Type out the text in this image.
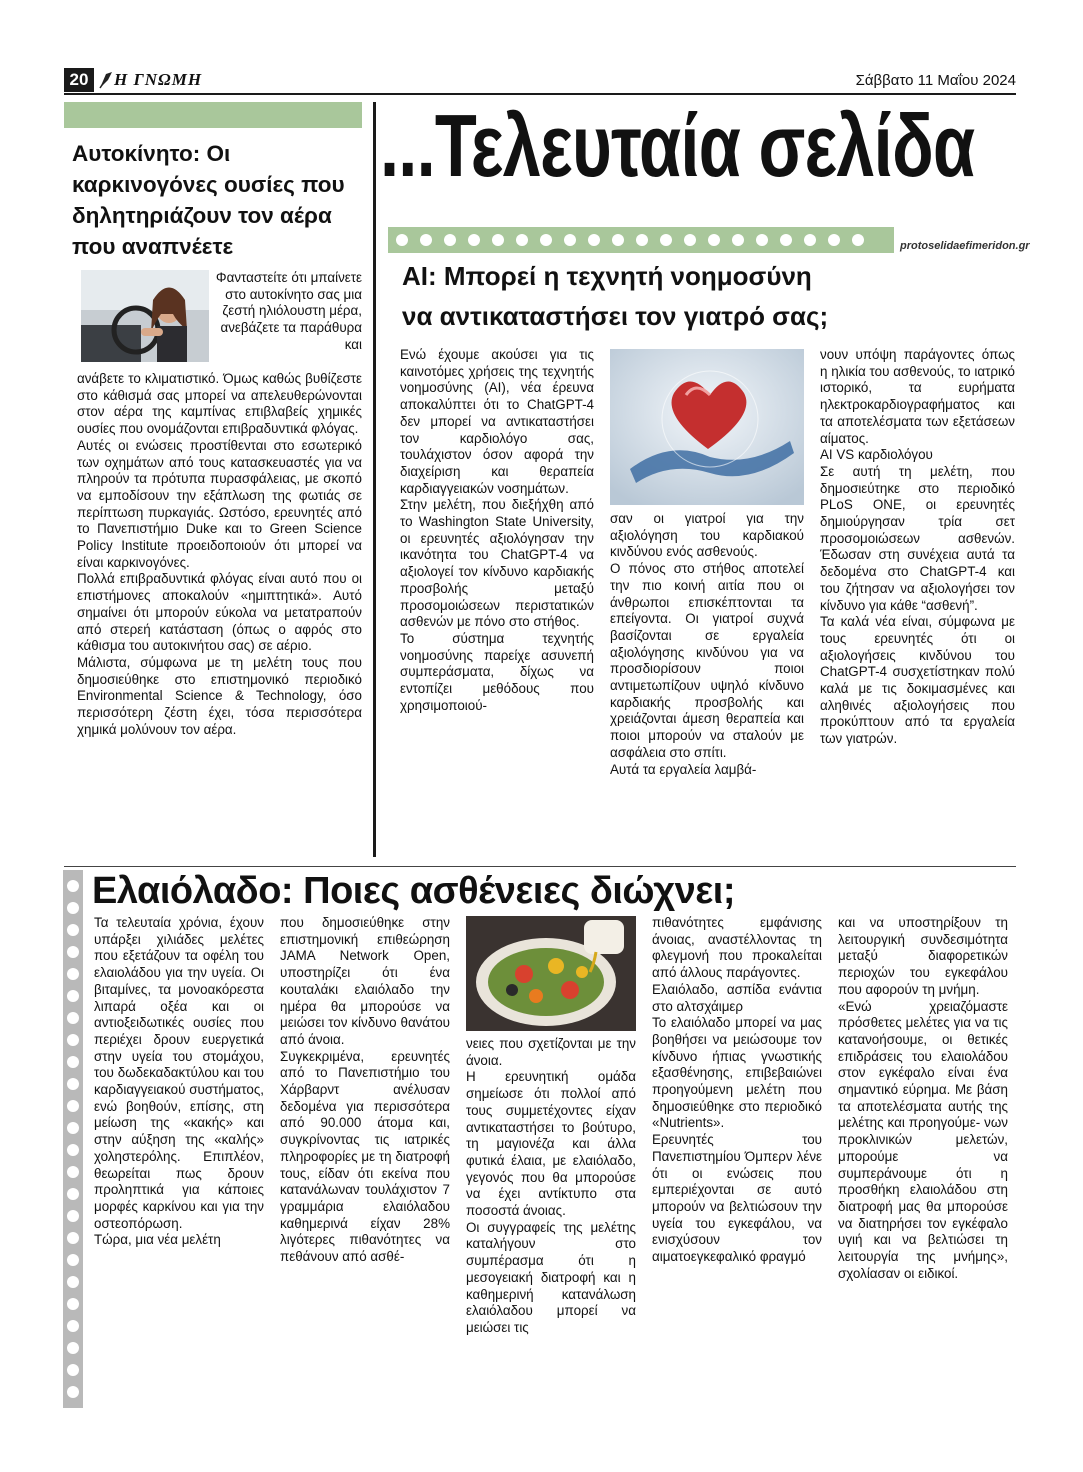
20	Η ΓΝΩΜΗ	Σάββατο 11 Μαΐου 2024
Αυτοκίνητο: Οι καρκινογόνες ουσίες που δηλητηριάζουν τον αέρα που αναπνέετε
Φανταστείτε ότι μπαίνετε στο αυτοκίνητο σας μια ζεστή ηλιόλουστη μέρα, ανεβάζετε τα παράθυρα και

ανάβετε το κλιματιστικό. Όμως καθώς βυθίζεστε στο κάθισμά σας μπορεί να απελευθερώνονται στον αέρα της καμπίνας επιβλαβείς χημικές ουσίες που ονομάζονται επιβραδυντικά φλόγας.

Αυτές οι ενώσεις προστίθενται στο εσωτερικό των οχημάτων από τους κατασκευαστές για να πληρούν τα πρότυπα πυρασφάλειας, με σκοπό να εμποδίσουν την εξάπλωση της φωτιάς σε περίπτωση πυρκαγιάς. Ωστόσο, ερευνητές από το Πανεπιστήμιο Duke και το Green Science Policy Institute προειδοποιούν ότι μπορεί να είναι καρκινογόνες.

Πολλά επιβραδυντικά φλόγας είναι αυτό που οι επιστήμονες αποκαλούν «ημιπτητικά». Αυτό σημαίνει ότι μπορούν εύκολα να μετατραπούν από στερεή κατάσταση (όπως ο αφρός στο κάθισμα του αυτοκινήτου σας) σε αέριο.

Μάλιστα, σύμφωνα με τη μελέτη τους που δημοσιεύθηκε στο επιστημονικό περιοδικό Environmental Science & Technology, όσο περισσότερη ζέστη έχει, τόσα περισσότερα χημικά μολύνουν τον αέρα.

...Τελευταία σελίδα
protoselidaefimeridon.gr
AI: Μπορεί η τεχνητή νοημοσύνη
να αντικαταστήσει τον γιατρό σας;

Ενώ έχουμε ακούσει για τις καινοτόμες χρήσεις της τεχνητής νοημοσύνης (AI), νέα έρευνα αποκαλύπτει ότι το ChatGPT-4 δεν μπορεί να αντικαταστήσει τον καρδιολόγο σας, τουλάχιστον όσον αφορά την διαχείριση και θεραπεία καρδιαγγειακών νοσημάτων.

Στην μελέτη, που διεξήχθη από το Washington State University, οι ερευνητές αξιολόγησαν την ικανότητα του ChatGPT-4 να αξιολογεί τον κίνδυνο καρδιακής προσβολής μεταξύ προσομοιώσεων περιστατικών ασθενών με πόνο στο στήθος.

Το σύστημα τεχνητής νοημοσύνης παρείχε ασυνεπή συμπεράσματα, δίχως να εντοπίζει μεθόδους που χρησιμοποιού-

σαν οι γιατροί για την αξιολόγηση του καρδιακού κινδύνου ενός ασθενούς.

Ο πόνος στο στήθος αποτελεί την πιο κοινή αιτία που οι άνθρωποι επισκέπτονται τα επείγοντα. Οι γιατροί συχνά βασίζονται σε εργαλεία αξιολόγησης κινδύνου για να προσδιορίσουν ποιοι αντιμετωπίζουν υψηλό κίνδυνο καρδιακής προσβολής και χρειάζονται άμεση θεραπεία και ποιοι μπορούν να σταλούν με ασφάλεια στο σπίτι.

Αυτά τα εργαλεία λαμβά-

νουν υπόψη παράγοντες όπως η ηλικία του ασθενούς, το ιατρικό ιστορικό, τα ευρήματα ηλεκτροκαρδιογραφήματος και τα αποτελέσματα των εξετάσεων αίματος.

AI VS καρδιολόγου

Σε αυτή τη μελέτη, που δημοσιεύτηκε στο περιοδικό PLoS ONE, οι ερευνητές δημιούργησαν τρία σετ προσομοιώσεων ασθενών. Έδωσαν στη συνέχεια αυτά τα δεδομένα στο ChatGPT-4 και του ζήτησαν να αξιολογήσει τον κίνδυνο για κάθε “ασθενή”.

Τα καλά νέα είναι, σύμφωνα με τους ερευνητές ότι οι αξιολογήσεις κινδύνου του ChatGPT-4 συσχετίστηκαν πολύ καλά με τις δοκιμασμένες και αληθινές αξιολογήσεις που προκύπτουν από τα εργαλεία των γιατρών.

Ελαιόλαδο: Ποιες ασθένειες διώχνει;

Τα τελευταία χρόνια, έχουν υπάρξει χιλιάδες μελέτες που εξετάζουν τα οφέλη του ελαιολάδου για την υγεία. Οι βιταμίνες, τα μονοακόρεστα λιπαρά οξέα και οι αντιοξειδωτικές ουσίες που περιέχει δρουν ευεργετικά στην υγεία του στομάχου, του δωδεκαδακτύλου και του καρδιαγγειακού συστήματος, ενώ βοηθούν, επίσης, στη μείωση της «κακής» και στην αύξηση της «καλής» χοληστερόλης. Επιπλέον, θεωρείται πως δρουν προληπτικά για κάποιες μορφές καρκίνου και για την οστεοπόρωση.

Τώρα, μια νέα μελέτη

που δημοσιεύθηκε στην επιστημονική επιθεώρηση JAMA Network Open, υποστηρίζει ότι ένα κουταλάκι ελαιόλαδο την ημέρα θα μπορούσε να μειώσει τον κίνδυνο θανάτου από άνοια.

Συγκεκριμένα, ερευνητές από το Πανεπιστήμιο του Χάρβαρντ ανέλυσαν δεδομένα για περισσότερα από 90.000 άτομα και, συγκρίνοντας τις ιατρικές πληροφορίες με τη διατροφή τους, είδαν ότι εκείνα που κατανάλωναν τουλάχιστον 7 γραμμάρια ελαιόλαδου καθημερινά είχαν 28% λιγότερες πιθανότητες να πεθάνουν από ασθέ-

νειες που σχετίζονται με την άνοια.

Η ερευνητική ομάδα σημείωσε ότι πολλοί από τους συμμετέχοντες είχαν αντικαταστήσει το βούτυρο, τη μαγιονέζα και άλλα φυτικά έλαια, με ελαιόλαδο, γεγονός που θα μπορούσε να έχει αντίκτυπο στα ποσοστά άνοιας.

Οι συγγραφείς της μελέτης καταλήγουν στο συμπέρασμα ότι η μεσογειακή διατροφή και η καθημερινή κατανάλωση ελαιόλαδου μπορεί να μειώσει τις

πιθανότητες εμφάνισης άνοιας, αναστέλλοντας τη φλεγμονή που προκαλείται από άλλους παράγοντες.

Ελαιόλαδο, ασπίδα ενάντια στο αλτσχάιμερ

Το ελαιόλαδο μπορεί να μας βοηθήσει να μειώσουμε τον κίνδυνο ήπιας γνωστικής εξασθένησης, επιβεβαιώνει προηγούμενη μελέτη που δημοσιεύθηκε στο περιοδικό «Nutrients».

Ερευνητές του Πανεπιστημίου Όμπερν λένε ότι οι ενώσεις που εμπεριέχονται σε αυτό μπορούν να βελτιώσουν την υγεία του εγκεφάλου, να ενισχύσουν τον αιματοεγκεφαλικό φραγμό

και να υποστηρίξουν τη λειτουργική συνδεσιμότητα μεταξύ διαφορετικών περιοχών του εγκεφάλου που αφορούν τη μνήμη.

«Ενώ χρειαζόμαστε πρόσθετες μελέτες για να τις κατανοήσουμε, οι θετικές επιδράσεις του ελαιολάδου στον εγκέφαλο είναι ένα σημαντικό εύρημα. Με βάση τα αποτελέσματα αυτής της μελέτης και προηγούμε- νων προκλινικών μελετών, μπορούμε να συμπεράνουμε ότι η προσθήκη ελαιολάδου στη διατροφή μας θα μπορούσε να διατηρήσει τον εγκέφαλο υγιή και να βελτιώσει τη λειτουργία της μνήμης», σχολίασαν οι ειδικοί.
